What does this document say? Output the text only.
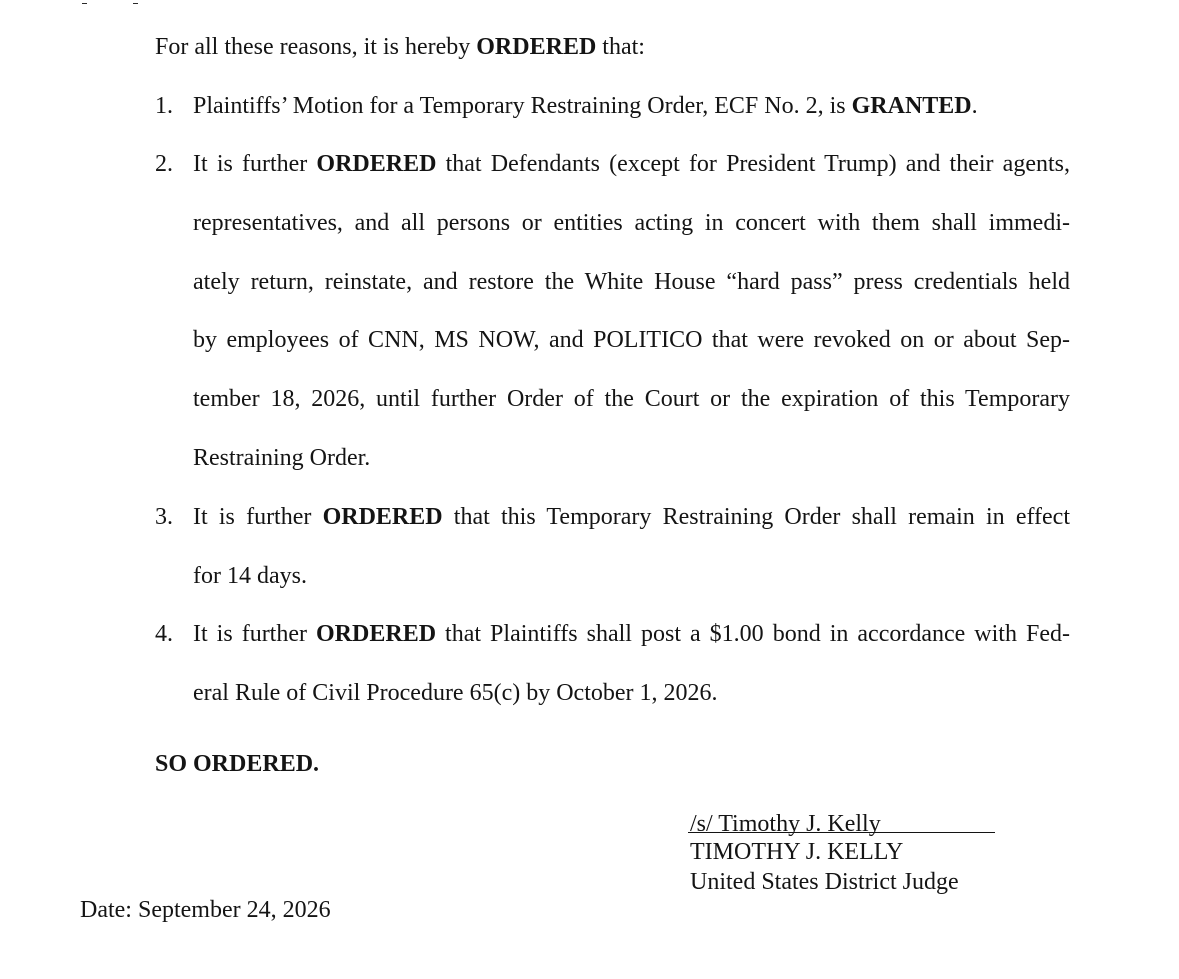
For all these reasons, it is hereby ORDERED that:

1. Plaintiffs’ Motion for a Temporary Restraining Order, ECF No. 2, is GRANTED.

2. It is further ORDERED that Defendants (except for President Trump) and their agents,

representatives, and all persons or entities acting in concert with them shall immedi-

ately return, reinstate, and restore the White House “hard pass” press credentials held

by employees of CNN, MS NOW, and POLITICO that were revoked on or about Sep-

tember 18, 2026, until further Order of the Court or the expiration of this Temporary

Restraining Order.

3. It is further ORDERED that this Temporary Restraining Order shall remain in effect

for 14 days.

4. It is further ORDERED that Plaintiffs shall post a $1.00 bond in accordance with Fed-

eral Rule of Civil Procedure 65(c) by October 1, 2026.

SO ORDERED.

/s/ Timothy J. Kelly

TIMOTHY J. KELLY

United States District Judge

Date: September 24, 2026
